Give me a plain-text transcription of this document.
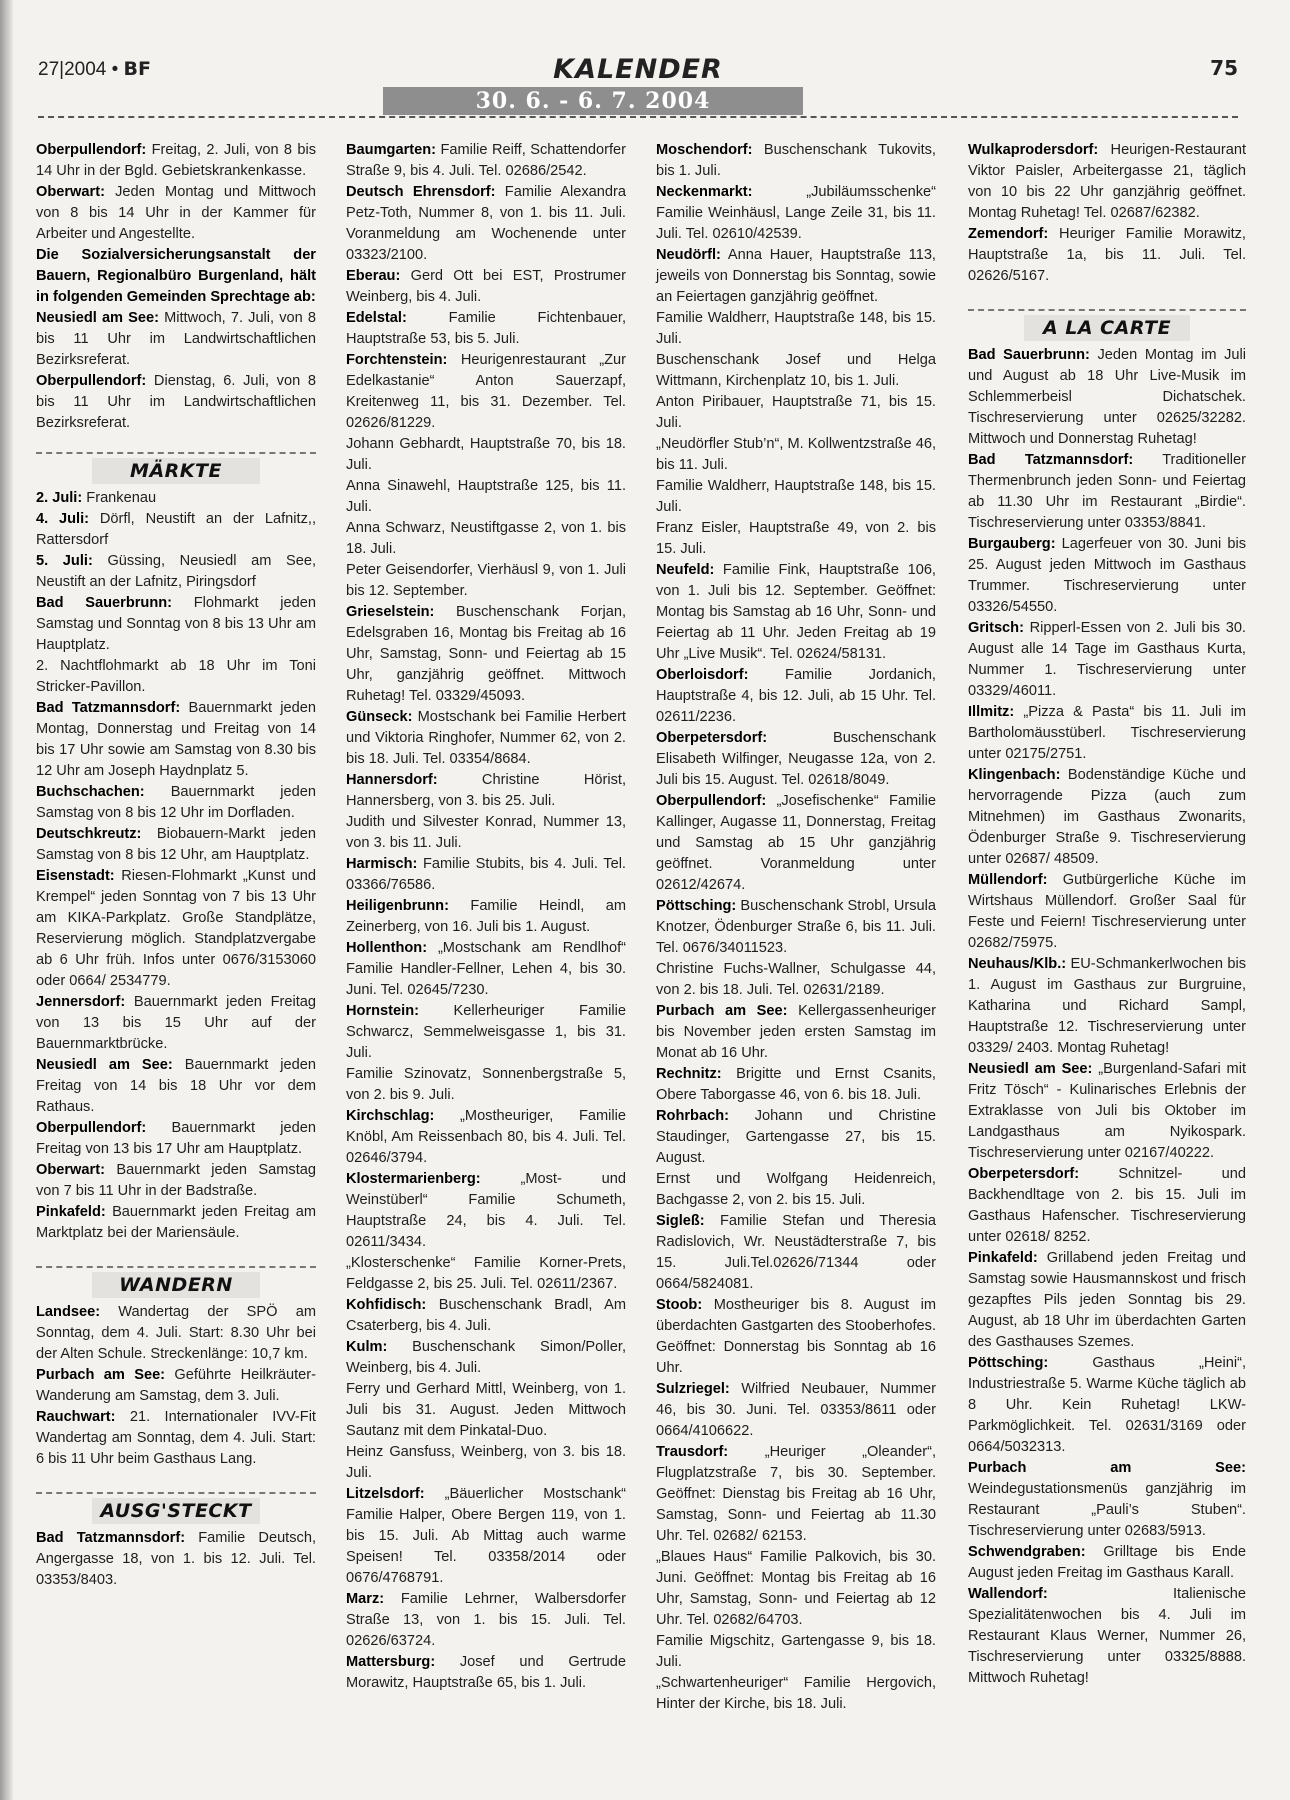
27|2004 • BF	KALENDER	75
30. 6. - 6. 7. 2004

Oberpullendorf: Freitag, 2. Juli, von 8 bis 14 Uhr in der Bgld. Gebietskrankenkasse.

Oberwart: Jeden Montag und Mittwoch von 8 bis 14 Uhr in der Kammer für Arbeiter und Angestellte.

Die Sozialversicherungsanstalt der Bauern, Regionalbüro Burgenland, hält in folgenden Gemeinden Sprechtage ab:

Neusiedl am See: Mittwoch, 7. Juli, von 8 bis 11 Uhr im Landwirtschaftlichen Bezirksreferat.

Oberpullendorf: Dienstag, 6. Juli, von 8 bis 11 Uhr im Landwirtschaftlichen Bezirksreferat.

MÄRKTE

2. Juli: Frankenau

4. Juli: Dörfl, Neustift an der Lafnitz,, Rattersdorf

5. Juli: Güssing, Neusiedl am See, Neustift an der Lafnitz, Piringsdorf

Bad Sauerbrunn: Flohmarkt jeden Samstag und Sonntag von 8 bis 13 Uhr am Hauptplatz.

2. Nachtflohmarkt ab 18 Uhr im Toni Stricker-Pavillon.

Bad Tatzmannsdorf: Bauernmarkt jeden Montag, Donnerstag und Freitag von 14 bis 17 Uhr sowie am Samstag von 8.30 bis 12 Uhr am Joseph Haydnplatz 5.

Buchschachen: Bauernmarkt jeden Samstag von 8 bis 12 Uhr im Dorfladen.

Deutschkreutz: Biobauern-Markt jeden Samstag von 8 bis 12 Uhr, am Hauptplatz.

Eisenstadt: Riesen-Flohmarkt „Kunst und Krempel“ jeden Sonntag von 7 bis 13 Uhr am KIKA-Parkplatz. Große Standplätze, Reservierung möglich. Standplatzvergabe ab 6 Uhr früh. Infos unter 0676/3153060 oder 0664/ 2534779.

Jennersdorf: Bauernmarkt jeden Freitag von 13 bis 15 Uhr auf der Bauernmarktbrücke.

Neusiedl am See: Bauernmarkt jeden Freitag von 14 bis 18 Uhr vor dem Rathaus.

Oberpullendorf: Bauernmarkt jeden Freitag von 13 bis 17 Uhr am Hauptplatz.

Oberwart: Bauernmarkt jeden Samstag von 7 bis 11 Uhr in der Badstraße.

Pinkafeld: Bauernmarkt jeden Freitag am Marktplatz bei der Mariensäule.

WANDERN

Landsee: Wandertag der SPÖ am Sonntag, dem 4. Juli. Start: 8.30 Uhr bei der Alten Schule. Streckenlänge: 10,7 km.

Purbach am See: Geführte Heilkräuter-Wanderung am Samstag, dem 3. Juli.

Rauchwart: 21. Internationaler IVV-Fit Wandertag am Sonntag, dem 4. Juli. Start: 6 bis 11 Uhr beim Gasthaus Lang.

AUSG'STECKT

Bad Tatzmannsdorf: Familie Deutsch, Angergasse 18, von 1. bis 12. Juli. Tel. 03353/8403.

Baumgarten: Familie Reiff, Schattendorfer Straße 9, bis 4. Juli. Tel. 02686/2542.

Deutsch Ehrensdorf: Familie Alexandra Petz-Toth, Nummer 8, von 1. bis 11. Juli. Voranmeldung am Wochenende unter 03323/2100.

Eberau: Gerd Ott bei EST, Prostrumer Weinberg, bis 4. Juli.

Edelstal: Familie Fichtenbauer, Hauptstraße 53, bis 5. Juli.

Forchtenstein: Heurigenrestaurant „Zur Edelkastanie“ Anton Sauerzapf, Kreitenweg 11, bis 31. Dezember. Tel. 02626/81229.

Johann Gebhardt, Hauptstraße 70, bis 18. Juli.

Anna Sinawehl, Hauptstraße 125, bis 11. Juli.

Anna Schwarz, Neustiftgasse 2, von 1. bis 18. Juli.

Peter Geisendorfer, Vierhäusl 9, von 1. Juli bis 12. September.

Grieselstein: Buschenschank Forjan, Edelsgraben 16, Montag bis Freitag ab 16 Uhr, Samstag, Sonn- und Feiertag ab 15 Uhr, ganzjährig geöffnet. Mittwoch Ruhetag! Tel. 03329/45093.

Günseck: Mostschank bei Familie Herbert und Viktoria Ringhofer, Nummer 62, von 2. bis 18. Juli. Tel. 03354/8684.

Hannersdorf: Christine Hörist, Hannersberg, von 3. bis 25. Juli.

Judith und Silvester Konrad, Nummer 13, von 3. bis 11. Juli.

Harmisch: Familie Stubits, bis 4. Juli. Tel. 03366/76586.

Heiligenbrunn: Familie Heindl, am Zeinerberg, von 16. Juli bis 1. August.

Hollenthon: „Mostschank am Rendlhof“ Familie Handler-Fellner, Lehen 4, bis 30. Juni. Tel. 02645/7230.

Hornstein: Kellerheuriger Familie Schwarcz, Semmelweisgasse 1, bis 31. Juli.

Familie Szinovatz, Sonnenbergstraße 5, von 2. bis 9. Juli.

Kirchschlag: „Mostheuriger, Familie Knöbl, Am Reissenbach 80, bis 4. Juli. Tel. 02646/3794.

Klostermarienberg: „Most- und Weinstüberl“ Familie Schumeth, Hauptstraße 24, bis 4. Juli. Tel. 02611/3434.

„Klosterschenke“ Familie Korner-Prets, Feldgasse 2, bis 25. Juli. Tel. 02611/2367.

Kohfidisch: Buschenschank Bradl, Am Csaterberg, bis 4. Juli.

Kulm: Buschenschank Simon/Poller, Weinberg, bis 4. Juli.

Ferry und Gerhard Mittl, Weinberg, von 1. Juli bis 31. August. Jeden Mittwoch Sautanz mit dem Pinkatal-Duo.

Heinz Gansfuss, Weinberg, von 3. bis 18. Juli.

Litzelsdorf: „Bäuerlicher Mostschank“ Familie Halper, Obere Bergen 119, von 1. bis 15. Juli. Ab Mittag auch warme Speisen! Tel. 03358/2014 oder 0676/4768791.

Marz: Familie Lehrner, Walbersdorfer Straße 13, von 1. bis 15. Juli. Tel. 02626/63724.

Mattersburg: Josef und Gertrude Morawitz, Hauptstraße 65, bis 1. Juli.

Moschendorf: Buschenschank Tukovits, bis 1. Juli.

Neckenmarkt: „Jubiläumsschenke“ Familie Weinhäusl, Lange Zeile 31, bis 11. Juli. Tel. 02610/42539.

Neudörfl: Anna Hauer, Hauptstraße 113, jeweils von Donnerstag bis Sonntag, sowie an Feiertagen ganzjährig geöffnet.

Familie Waldherr, Hauptstraße 148, bis 15. Juli.

Buschenschank Josef und Helga Wittmann, Kirchenplatz 10, bis 1. Juli.

Anton Piribauer, Hauptstraße 71, bis 15. Juli.

„Neudörfler Stub’n“, M. Kollwentzstraße 46, bis 11. Juli.

Familie Waldherr, Hauptstraße 148, bis 15. Juli.

Franz Eisler, Hauptstraße 49, von 2. bis 15. Juli.

Neufeld: Familie Fink, Hauptstraße 106, von 1. Juli bis 12. September. Geöffnet: Montag bis Samstag ab 16 Uhr, Sonn- und Feiertag ab 11 Uhr. Jeden Freitag ab 19 Uhr „Live Musik“. Tel. 02624/58131.

Oberloisdorf: Familie Jordanich, Hauptstraße 4, bis 12. Juli, ab 15 Uhr. Tel. 02611/2236.

Oberpetersdorf: Buschenschank Elisabeth Wilfinger, Neugasse 12a, von 2. Juli bis 15. August. Tel. 02618/8049.

Oberpullendorf: „Josefischenke“ Familie Kallinger, Augasse 11, Donnerstag, Freitag und Samstag ab 15 Uhr ganzjährig geöffnet. Voranmeldung unter 02612/42674.

Pöttsching: Buschenschank Strobl, Ursula Knotzer, Ödenburger Straße 6, bis 11. Juli. Tel. 0676/34011523.

Christine Fuchs-Wallner, Schulgasse 44, von 2. bis 18. Juli. Tel. 02631/2189.

Purbach am See: Kellergassenheuriger bis November jeden ersten Samstag im Monat ab 16 Uhr.

Rechnitz: Brigitte und Ernst Csanits, Obere Taborgasse 46, von 6. bis 18. Juli.

Rohrbach: Johann und Christine Staudinger, Gartengasse 27, bis 15. August.

Ernst und Wolfgang Heidenreich, Bachgasse 2, von 2. bis 15. Juli.

Sigleß: Familie Stefan und Theresia Radislovich, Wr. Neustädterstraße 7, bis 15. Juli.Tel.02626/71344 oder 0664/5824081.

Stoob: Mostheuriger bis 8. August im überdachten Gastgarten des Stooberhofes. Geöffnet: Donnerstag bis Sonntag ab 16 Uhr.

Sulzriegel: Wilfried Neubauer, Nummer 46, bis 30. Juni. Tel. 03353/8611 oder 0664/4106622.

Trausdorf: „Heuriger „Oleander“, Flugplatzstraße 7, bis 30. September. Geöffnet: Dienstag bis Freitag ab 16 Uhr, Samstag, Sonn- und Feiertag ab 11.30 Uhr. Tel. 02682/ 62153.

„Blaues Haus“ Familie Palkovich, bis 30. Juni. Geöffnet: Montag bis Freitag ab 16 Uhr, Samstag, Sonn- und Feiertag ab 12 Uhr. Tel. 02682/64703.

Familie Migschitz, Gartengasse 9, bis 18. Juli.

„Schwartenheuriger“ Familie Hergovich, Hinter der Kirche, bis 18. Juli.

Wulkaprodersdorf: Heurigen-Restaurant Viktor Paisler, Arbeitergasse 21, täglich von 10 bis 22 Uhr ganzjährig geöffnet. Montag Ruhetag! Tel. 02687/62382.

Zemendorf: Heuriger Familie Morawitz, Hauptstraße 1a, bis 11. Juli. Tel. 02626/5167.

A LA CARTE

Bad Sauerbrunn: Jeden Montag im Juli und August ab 18 Uhr Live-Musik im Schlemmerbeisl Dichatschek. Tischreservierung unter 02625/32282. Mittwoch und Donnerstag Ruhetag!

Bad Tatzmannsdorf: Traditioneller Thermenbrunch jeden Sonn- und Feiertag ab 11.30 Uhr im Restaurant „Birdie“. Tischreservierung unter 03353/8841.

Burgauberg: Lagerfeuer von 30. Juni bis 25. August jeden Mittwoch im Gasthaus Trummer. Tischreservierung unter 03326/54550.

Gritsch: Ripperl-Essen von 2. Juli bis 30. August alle 14 Tage im Gasthaus Kurta, Nummer 1. Tischreservierung unter 03329/46011.

Illmitz: „Pizza & Pasta“ bis 11. Juli im Bartholomäusstüberl. Tischreservierung unter 02175/2751.

Klingenbach: Bodenständige Küche und hervorragende Pizza (auch zum Mitnehmen) im Gasthaus Zwonarits, Ödenburger Straße 9. Tischreservierung unter 02687/ 48509.

Müllendorf: Gutbürgerliche Küche im Wirtshaus Müllendorf. Großer Saal für Feste und Feiern! Tischreservierung unter 02682/75975.

Neuhaus/Klb.: EU-Schmankerlwochen bis 1. August im Gasthaus zur Burgruine, Katharina und Richard Sampl, Hauptstraße 12. Tischreservierung unter 03329/ 2403. Montag Ruhetag!

Neusiedl am See: „Burgenland-Safari mit Fritz Tösch“ - Kulinarisches Erlebnis der Extraklasse von Juli bis Oktober im Landgasthaus am Nyikospark. Tischreservierung unter 02167/40222.

Oberpetersdorf: Schnitzel- und Backhendltage von 2. bis 15. Juli im Gasthaus Hafenscher. Tischreservierung unter 02618/ 8252.

Pinkafeld: Grillabend jeden Freitag und Samstag sowie Hausmannskost und frisch gezapftes Pils jeden Sonntag bis 29. August, ab 18 Uhr im überdachten Garten des Gasthauses Szemes.

Pöttsching: Gasthaus „Heini“, Industriestraße 5. Warme Küche täglich ab 8 Uhr. Kein Ruhetag! LKW-Parkmöglichkeit. Tel. 02631/3169 oder 0664/5032313.

Purbach am See: Weindegustationsmenüs ganzjährig im Restaurant „Pauli’s Stuben“. Tischreservierung unter 02683/5913.

Schwendgraben: Grilltage bis Ende August jeden Freitag im Gasthaus Karall.

Wallendorf: Italienische Spezialitätenwochen bis 4. Juli im Restaurant Klaus Werner, Nummer 26, Tischreservierung unter 03325/8888. Mittwoch Ruhetag!
